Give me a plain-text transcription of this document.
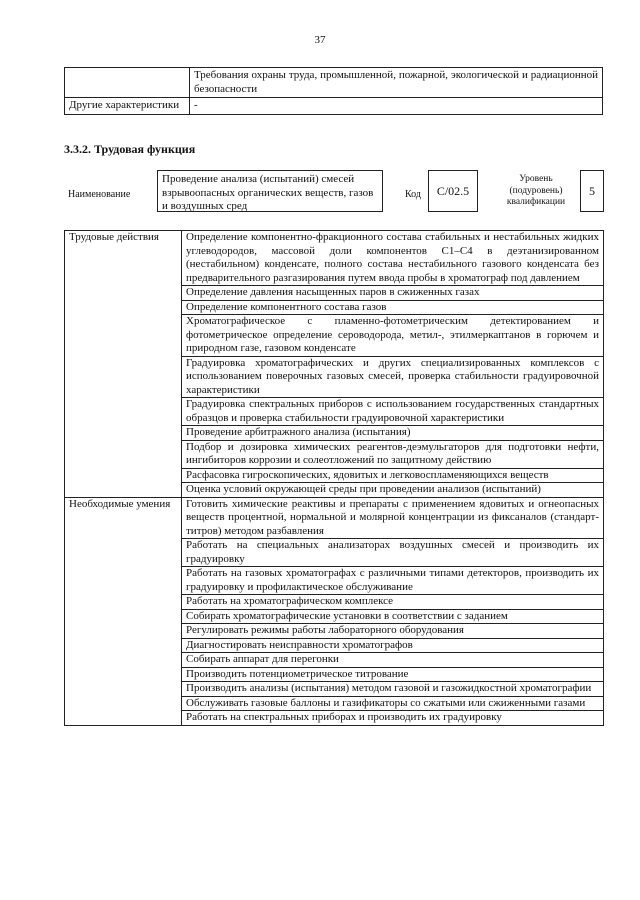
37
	Требования охраны труда, промышленной, пожарной, экологической и радиационной безопасности
Другие характеристики	-
3.3.2. Трудовая функция
Наименование
Проведение анализа (испытаний) смесей взрывоопасных органических веществ, газов и воздушных сред
Код	C/02.5
Уровень (подуровень) квалификации
5
Трудовые действия	Определение компонентно-фракционного состава стабильных и нестабильных жидких углеводородов, массовой доли компонентов C1–C4 в деэтанизированном (нестабильном) конденсате, полного состава нестабильного газового конденсата без предварительного разгазирования путем ввода пробы в хроматограф под давлением
	Определение давления насыщенных паров в сжиженных газах
	Определение компонентного состава газов
	Хроматографическое с пламенно-фотометрическим детектированием и фотометрическое определение сероводорода, метил-, этилмеркаптанов в горючем и природном газе, газовом конденсате
	Градуировка хроматографических и других специализированных комплексов с использованием поверочных газовых смесей, проверка стабильности градуировочной характеристики
	Градуировка спектральных приборов с использованием государственных стандартных образцов и проверка стабильности градуировочной характеристики
	Проведение арбитражного анализа (испытания)
	Подбор и дозировка химических реагентов-деэмульгаторов для подготовки нефти, ингибиторов коррозии и солеотложений по защитному действию
	Расфасовка гигроскопических, ядовитых и легковоспламеняющихся веществ
	Оценка условий окружающей среды при проведении анализов (испытаний)
Необходимые умения	Готовить химические реактивы и препараты с применением ядовитых и огнеопасных веществ процентной, нормальной и молярной концентрации из фиксаналов (стандарт-титров) методом разбавления
	Работать на специальных анализаторах воздушных смесей и производить их градуировку
	Работать на газовых хроматографах с различными типами детекторов, производить их градуировку и профилактическое обслуживание
	Работать на хроматографическом комплексе
	Собирать хроматографические установки в соответствии с заданием
	Регулировать режимы работы лабораторного оборудования
	Диагностировать неисправности хроматографов
	Собирать аппарат для перегонки
	Производить потенциометрическое титрование
	Производить анализы (испытания) методом газовой и газожидкостной хроматографии
	Обслуживать газовые баллоны и газификаторы со сжатыми или сжиженными газами
	Работать на спектральных приборах и производить их градуировку
